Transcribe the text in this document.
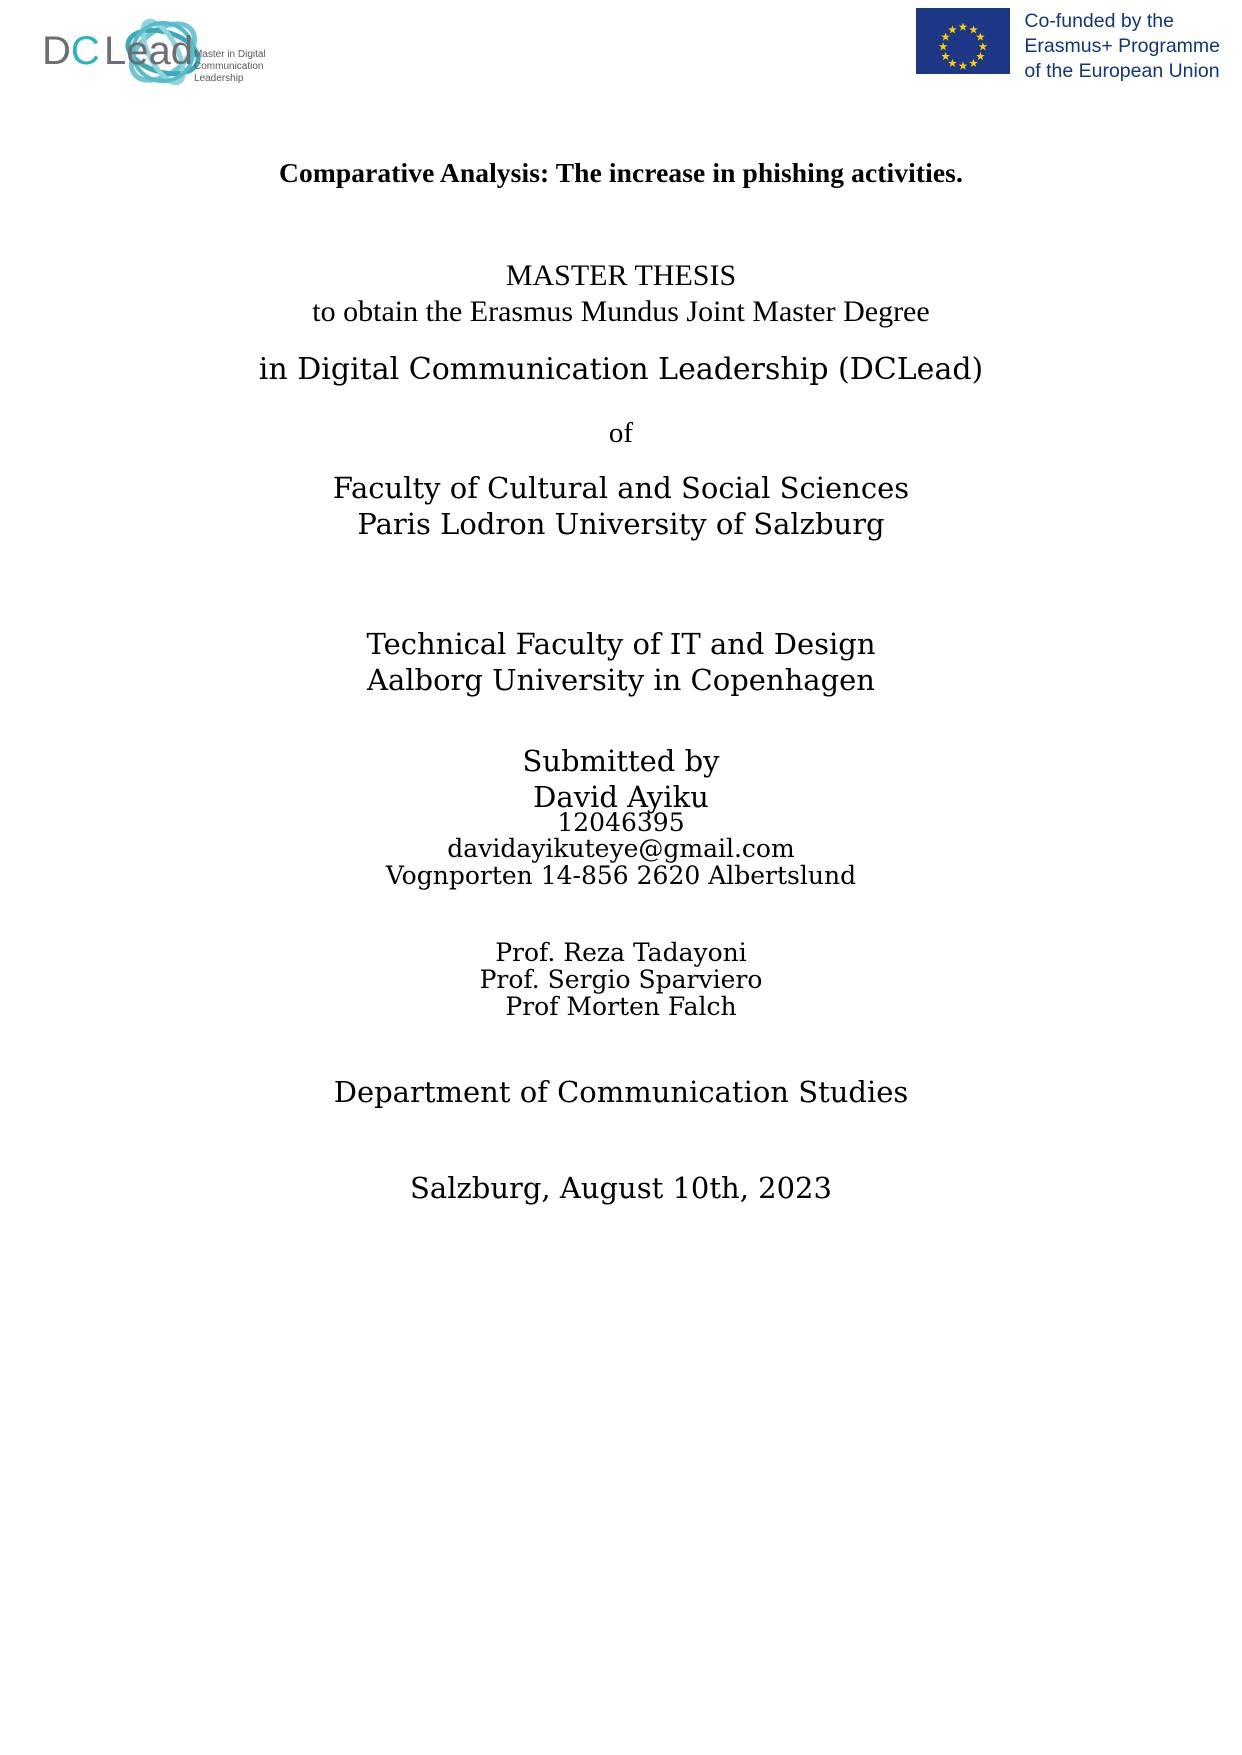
DC Lead Master in Digital
Communication
Leadership
Co-funded by the
Erasmus+ Programme
of the European Union
Comparative Analysis: The increase in phishing activities.
MASTER THESIS
to obtain the Erasmus Mundus Joint Master Degree
in Digital Communication Leadership (DCLead)
of
Faculty of Cultural and Social Sciences
Paris Lodron University of Salzburg
Technical Faculty of IT and Design
Aalborg University in Copenhagen
Submitted by
David Ayiku
12046395
davidayikuteye@gmail.com
Vognporten 14-856 2620 Albertslund
Prof. Reza Tadayoni
Prof. Sergio Sparviero
Prof Morten Falch
Department of Communication Studies
Salzburg, August 10th, 2023
